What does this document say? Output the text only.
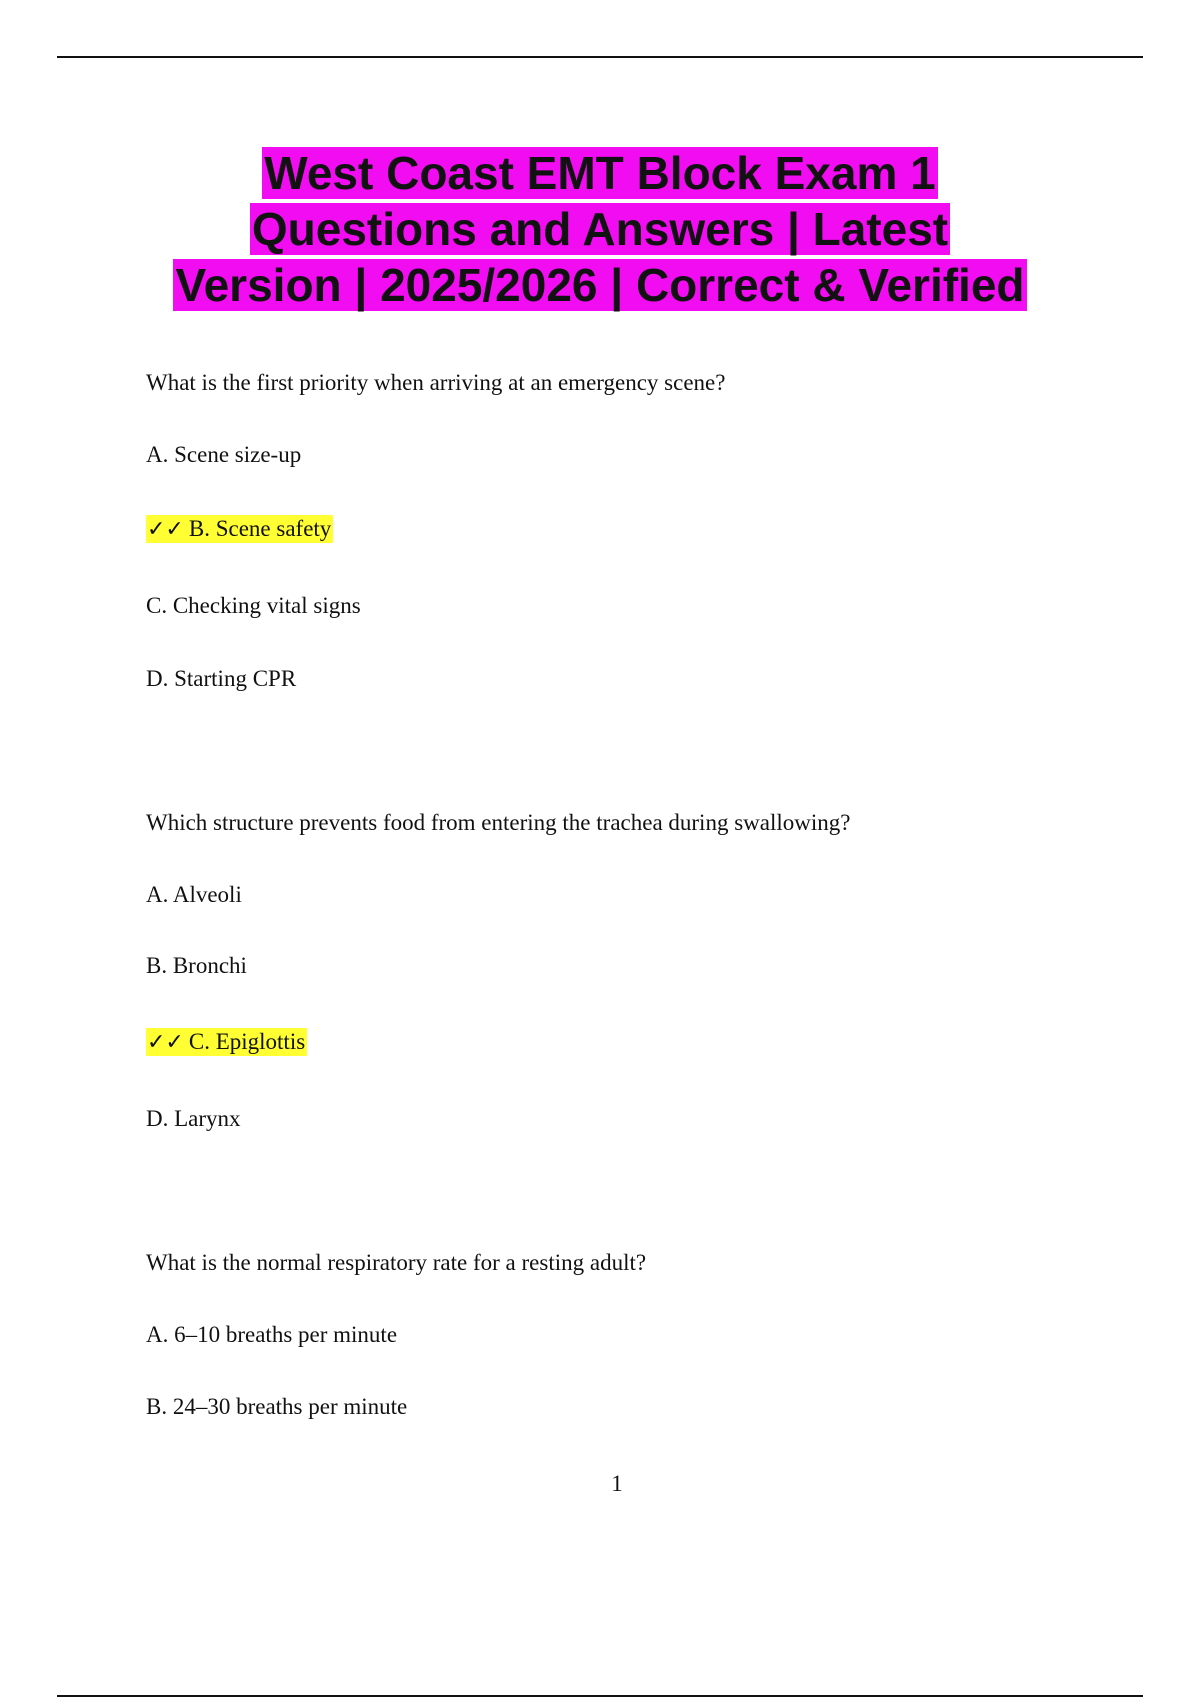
West Coast EMT Block Exam 1
Questions and Answers | Latest
Version | 2025/2026 | Correct & Verified
What is the first priority when arriving at an emergency scene?
A. Scene size-up
✓✓ B. Scene safety
C. Checking vital signs
D. Starting CPR
Which structure prevents food from entering the trachea during swallowing?
A. Alveoli
B. Bronchi
✓✓ C. Epiglottis
D. Larynx
What is the normal respiratory rate for a resting adult?
A. 6–10 breaths per minute
B. 24–30 breaths per minute
1
